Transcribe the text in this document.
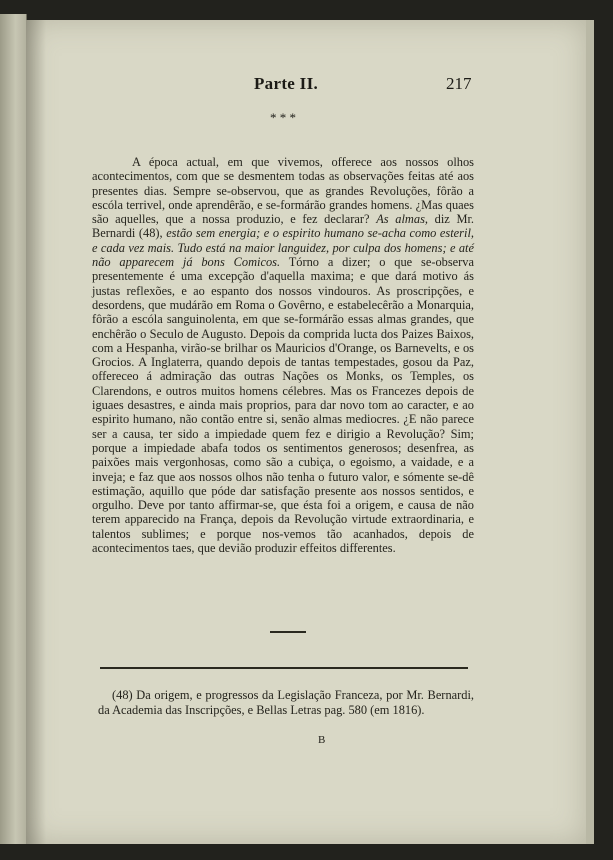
Parte II.	217
* * *
A época actual, em que vivemos, offerece aos nossos olhos acontecimentos, com que se desmentem todas as observações feitas até aos presentes dias. Sempre se-observou, que as grandes Revoluções, fôrão a escóla terrivel, onde aprendêrão, e se-formárão grandes homens. ¿Mas quaes são aquelles, que a nossa produzio, e fez declarar? As almas, diz Mr. Bernardi (48), estão sem energia; e o espirito humano se-acha como esteril, e cada vez mais. Tudo está na maior languidez, por culpa dos homens; e até não apparecem já bons Comicos. Tórno a dizer; o que se-observa presentemente é uma excepção d'aquella maxima; e que dará motivo ás justas reflexões, e ao espanto dos nossos vindouros. As proscripções, e desordens, que mudárão em Roma o Govêrno, e estabelecêrão a Monarquia, fôrão a escóla sanguinolenta, em que se-formárão essas almas grandes, que enchêrão o Seculo de Augusto. Depois da comprida lucta dos Paizes Baixos, com a Hespanha, virão-se brilhar os Mauricios d'Orange, os Barnevelts, e os Grocios. A Inglaterra, quando depois de tantas tempestades, gosou da Paz, offereceo á admiração das outras Nações os Monks, os Temples, os Clarendons, e outros muitos homens célebres. Mas os Francezes depois de iguaes desastres, e ainda mais proprios, para dar novo tom ao caracter, e ao espirito humano, não contão entre si, senão almas mediocres. ¿E não parece ser a causa, ter sido a impiedade quem fez e dirigio a Revolução? Sim; porque a impiedade abafa todos os sentimentos generosos; desenfrea, as paixões mais vergonhosas, como são a cubiça, o egoismo, a vaidade, e a inveja; e faz que aos nossos olhos não tenha o futuro valor, e sómente se-dê estimação, aquillo que póde dar satisfação presente aos nossos sentidos, e orgulho. Deve por tanto affirmar-se, que ésta foi a origem, e causa de não terem apparecido na França, depois da Revolução virtude extraordinaria, e talentos sublimes; e porque nos-vemos tão acanhados, depois de acontecimentos taes, que devião produzir effeitos differentes.
(48) Da origem, e progressos da Legislação Franceza, por Mr. Bernardi, da Academia das Inscripções, e Bellas Letras pag. 580 (em 1816).
B
